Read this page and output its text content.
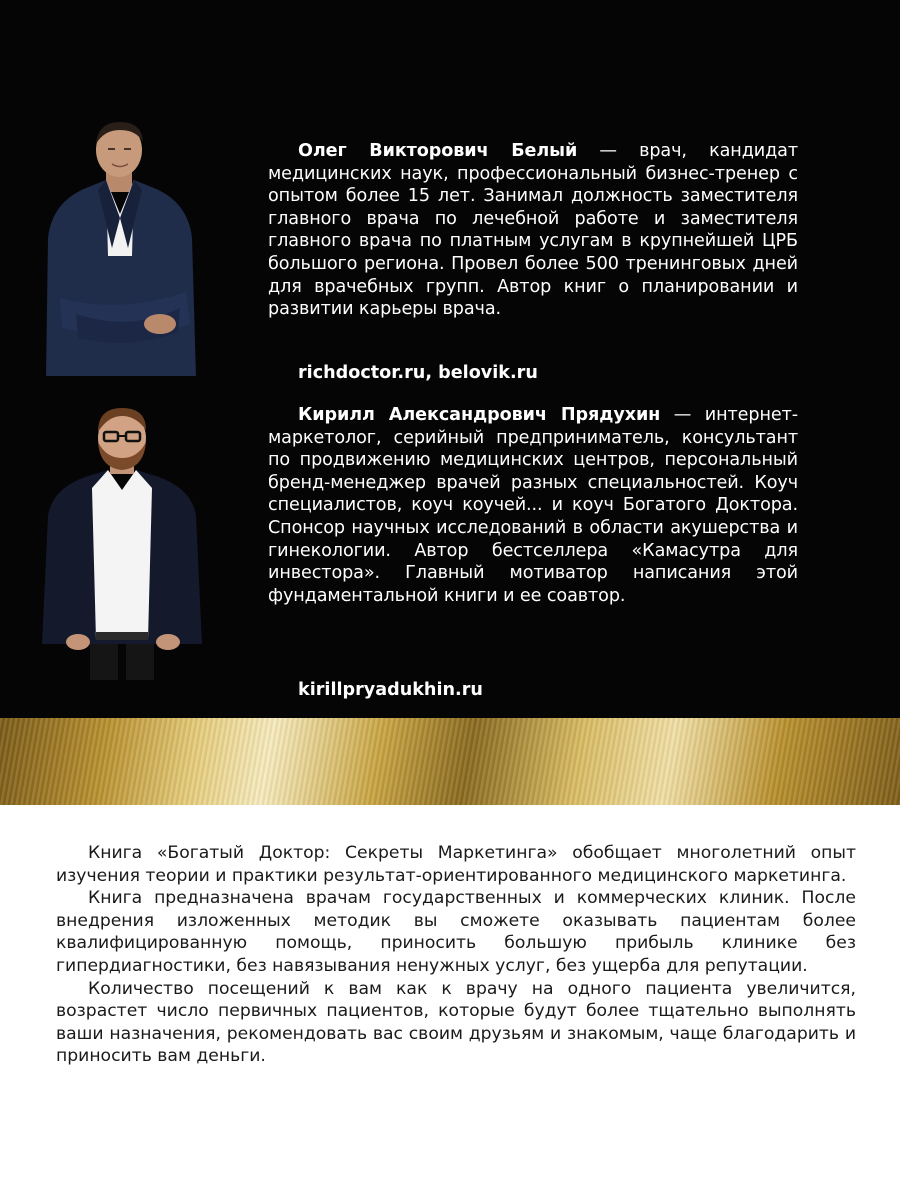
Олег Викторович Белый — врач, кандидат медицинских наук, профессиональный бизнес-тренер с опытом более 15 лет. Занимал должность заместителя главного врача по лечебной работе и заместителя главного врача по платным услугам в крупнейшей ЦРБ большого региона. Провел более 500 тренинговых дней для врачебных групп. Автор книг о планировании и развитии карьеры врача.

richdoctor.ru, belovik.ru

Кирилл Александрович Прядухин — интернет-маркетолог, серийный предприниматель, консультант по продвижению медицинских центров, персональный бренд-менеджер врачей разных специальностей. Коуч специалистов, коуч коучей... и коуч Богатого Доктора. Спонсор научных исследований в области акушерства и гинекологии. Автор бестселлера «Камасутра для инвестора». Главный мотиватор написания этой фундаментальной книги и ее соавтор.

kirillpryadukhin.ru

Книга «Богатый Доктор: Секреты Маркетинга» обобщает многолетний опыт изучения теории и практики результат-ориентированного медицинского маркетинга.

Книга предназначена врачам государственных и коммерческих клиник. После внедрения изложенных методик вы сможете оказывать пациентам более квалифицированную помощь, приносить большую прибыль клинике без гипердиагностики, без навязывания ненужных услуг, без ущерба для репутации.

Количество посещений к вам как к врачу на одного пациента увеличится, возрастет число первичных пациентов, которые будут более тщательно выполнять ваши назначения, рекомендовать вас своим друзьям и знакомым, чаще благодарить и приносить вам деньги.
